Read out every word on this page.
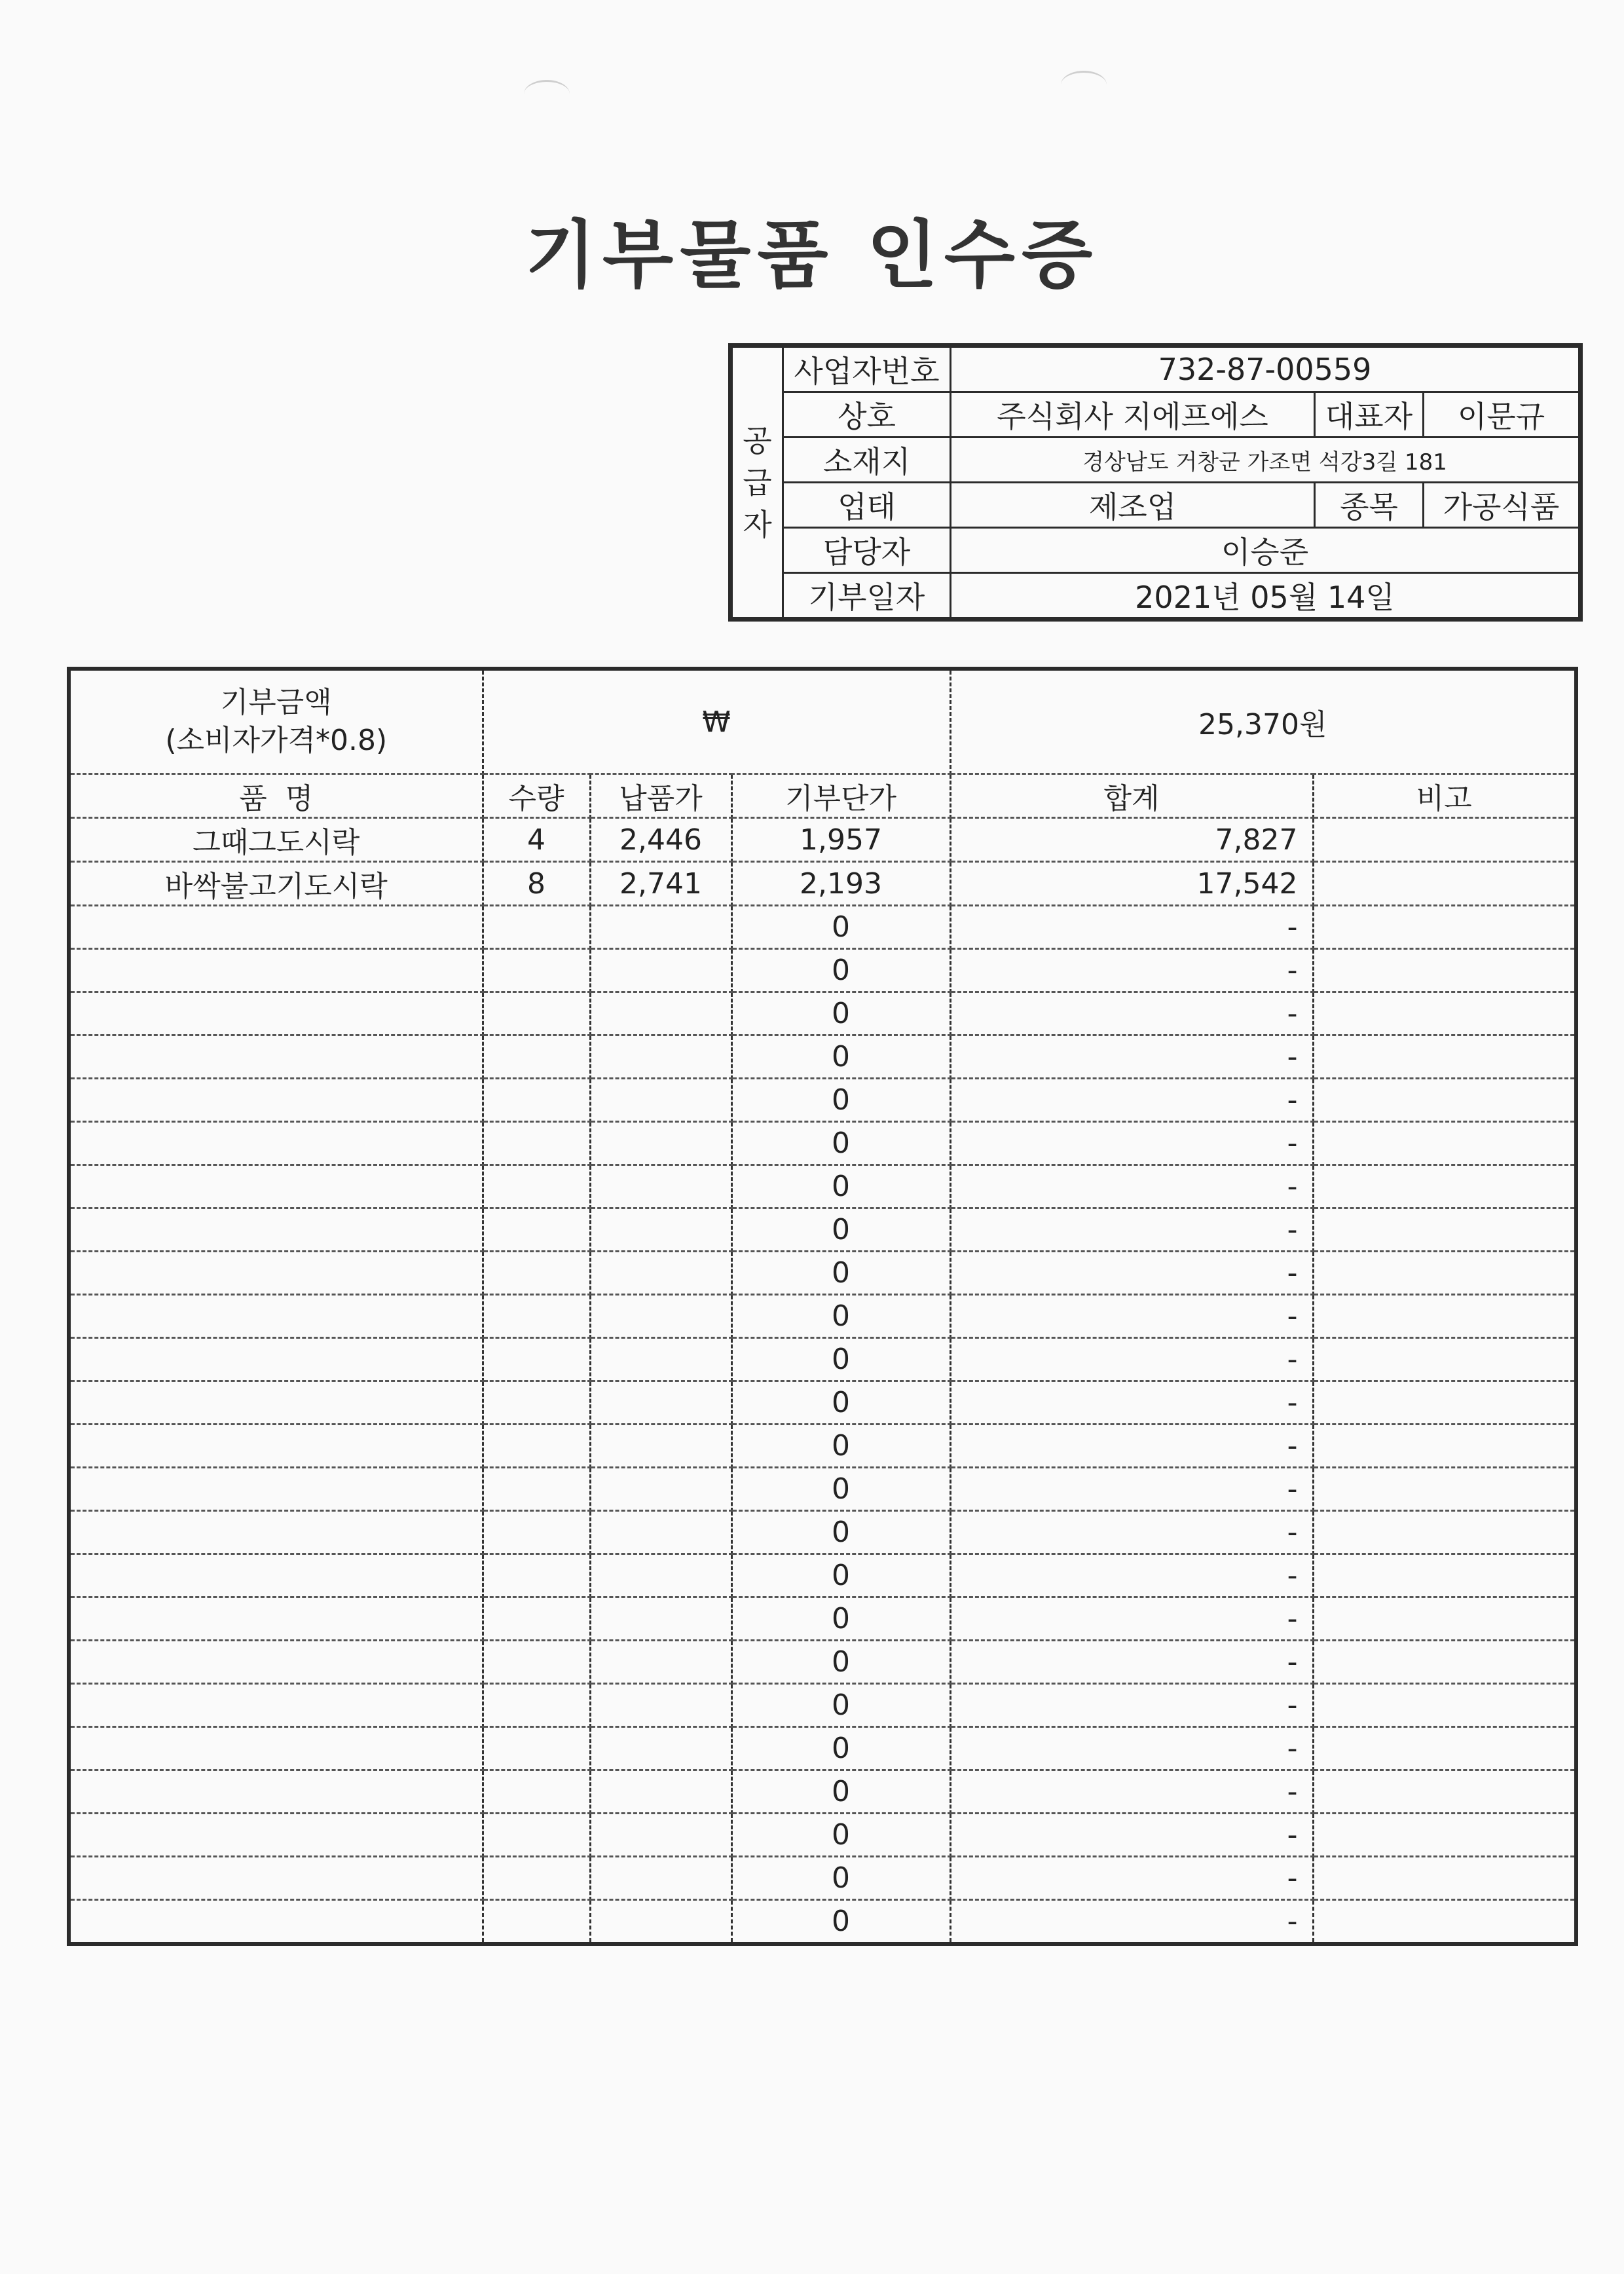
기부물품 인수증
공
급
자	사업자번호	732-87-00559		
	상호	주식회사 지에프에스	대표자	이문규
	소재지	경상남도 거창군 가조면 석강3길 181		
	업태	제조업	종목	가공식품
	담당자	이승준		
	기부일자	2021년 05월 14일		
기부금액
(소비자가격*0.8)	₩			25,370원	
품  명	수량	납품가	기부단가	합계	비고
그때그도시락	4	2,446	1,957	7,827	
바싹불고기도시락	8	2,741	2,193	17,542	
			0	-	
			0	-	
			0	-	
			0	-	
			0	-	
			0	-	
			0	-	
			0	-	
			0	-	
			0	-	
			0	-	
			0	-	
			0	-	
			0	-	
			0	-	
			0	-	
			0	-	
			0	-	
			0	-	
			0	-	
			0	-	
			0	-	
			0	-	
			0	-	
